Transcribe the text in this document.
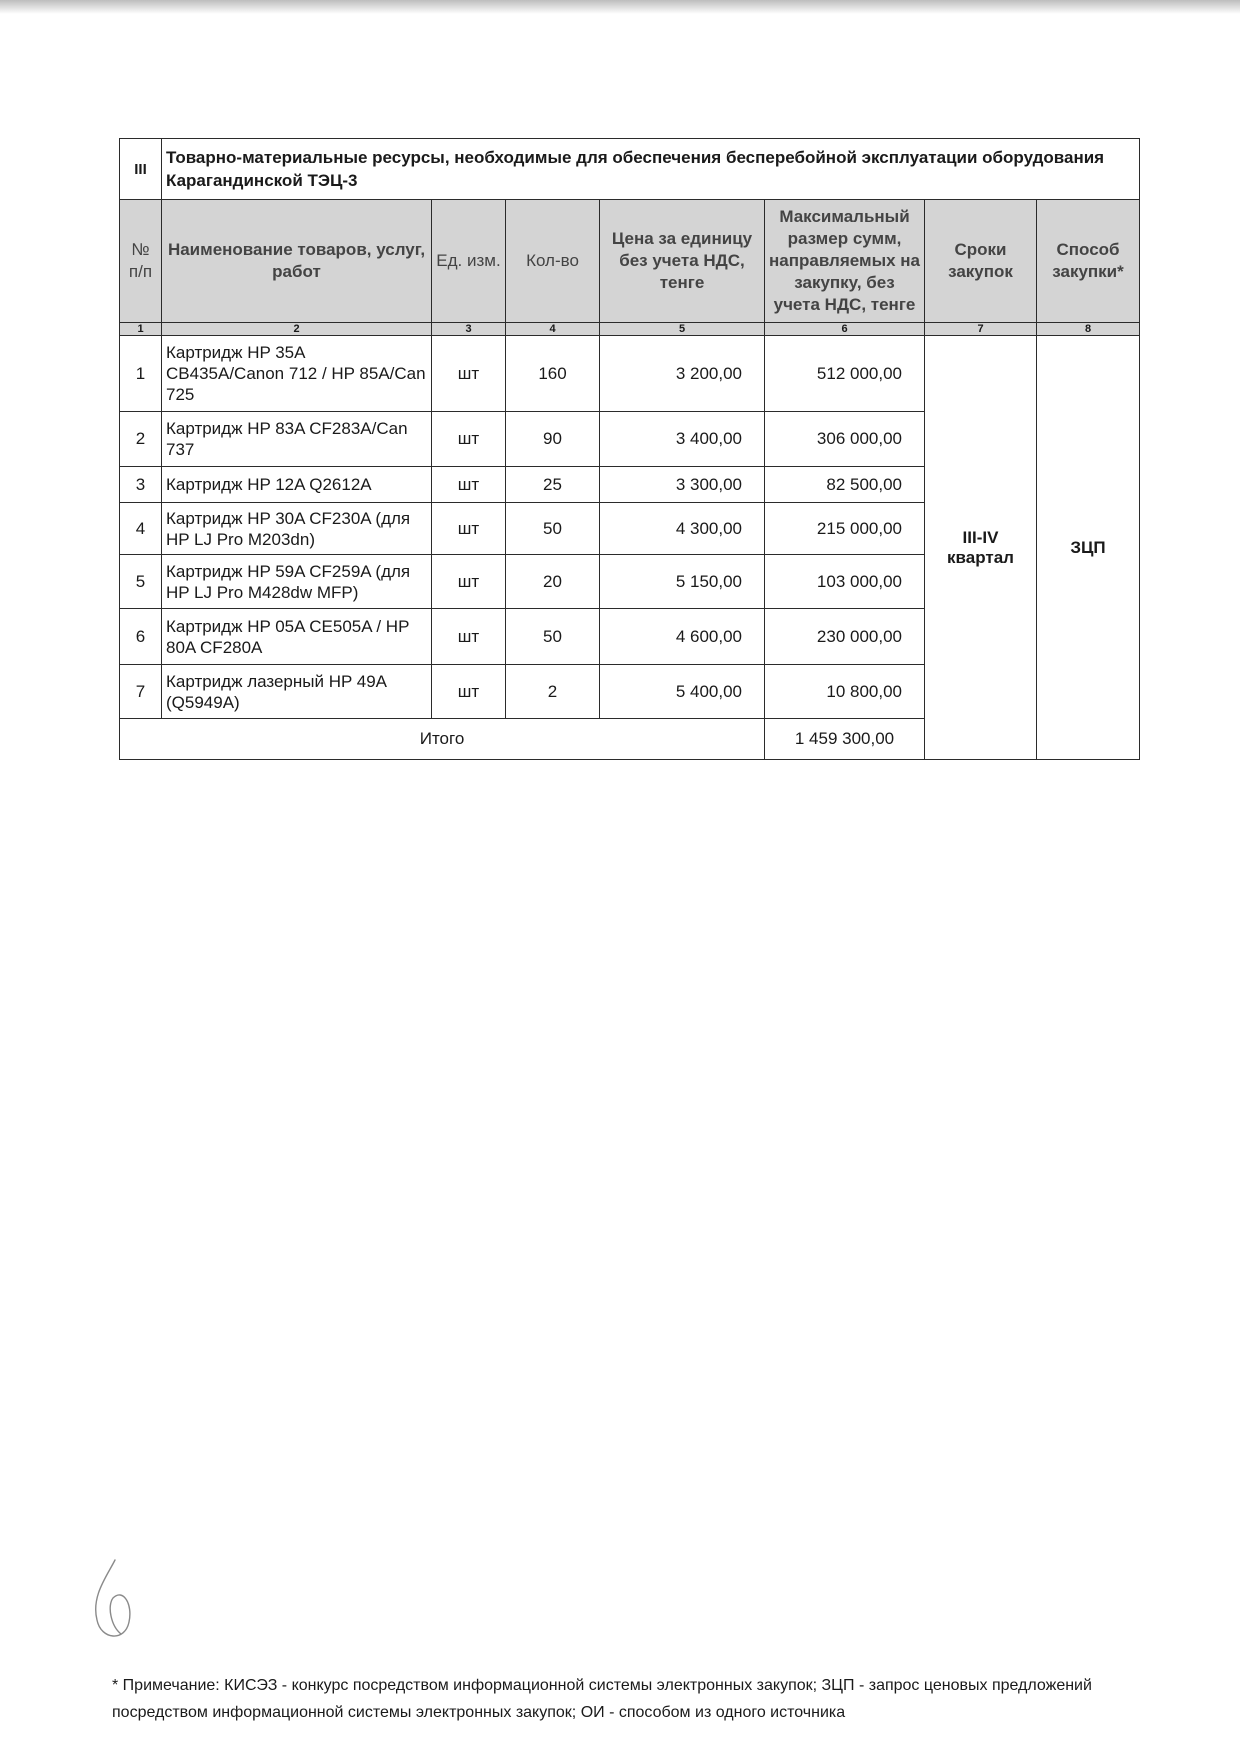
III	Товарно-материальные ресурсы, необходимые для обеспечения бесперебойной эксплуатации оборудования Карагандинской ТЭЦ-3						
№ п/п	Наименование товаров, услуг, работ	Ед. изм.	Кол-во	Цена за единицу без учета НДС, тенге	Максимальный размер сумм, направляемых на закупку, без учета НДС, тенге	Сроки закупок	Способ закупки*
1	2	3	4	5	6	7	8
1	Картридж HP 35A CB435A/Canon 712 / HP 85A/Can 725	шт	160	3 200,00	512 000,00	III-IV квартал	ЗЦП
2	Картридж HP 83A CF283A/Can 737	шт	90	3 400,00	306 000,00		
3	Картридж HP 12A Q2612A	шт	25	3 300,00	82 500,00		
4	Картридж HP 30A CF230A (для HP LJ Pro M203dn)	шт	50	4 300,00	215 000,00		
5	Картридж HP 59A CF259A (для HP LJ Pro M428dw MFP)	шт	20	5 150,00	103 000,00		
6	Картридж HP 05A CE505A / HP 80A CF280A	шт	50	4 600,00	230 000,00		
7	Картридж лазерный HP 49A (Q5949A)	шт	2	5 400,00	10 800,00		
Итого					1 459 300,00		
* Примечание: КИСЭЗ - конкурс посредством информационной системы электронных закупок; ЗЦП - запрос ценовых предложений посредством информационной системы электронных закупок; ОИ - способом из одного источника
